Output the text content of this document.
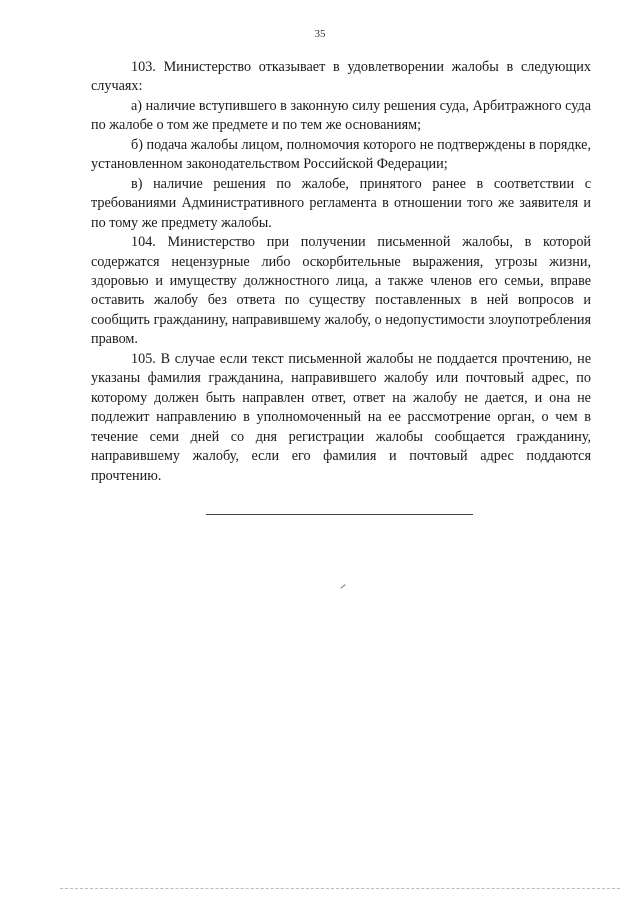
35

103. Министерство отказывает в удовлетворении жалобы в следующих случаях:

а) наличие вступившего в законную силу решения суда, Арбитражного суда по жалобе о том же предмете и по тем же основаниям;

б) подача жалобы лицом, полномочия которого не подтверждены в порядке, установленном законодательством Российской Федерации;

в) наличие решения по жалобе, принятого ранее в соответствии с требованиями Административного регламента в отношении того же заявителя и по тому же предмету жалобы.

104. Министерство при получении письменной жалобы, в которой содержатся нецензурные либо оскорбительные выражения, угрозы жизни, здоровью и имуществу должностного лица, а также членов его семьи, вправе оставить жалобу без ответа по существу поставленных в ней вопросов и сообщить гражданину, направившему жалобу, о недопустимости злоупотребления правом.

105. В случае если текст письменной жалобы не поддается прочтению, не указаны фамилия гражданина, направившего жалобу или почтовый адрес, по которому должен быть направлен ответ, ответ на жалобу не дается, и она не подлежит направлению в уполномоченный на ее рассмотрение орган, о чем в течение семи дней со дня регистрации жалобы сообщается гражданину, направившему жалобу, если его фамилия и почтовый адрес поддаются прочтению.
